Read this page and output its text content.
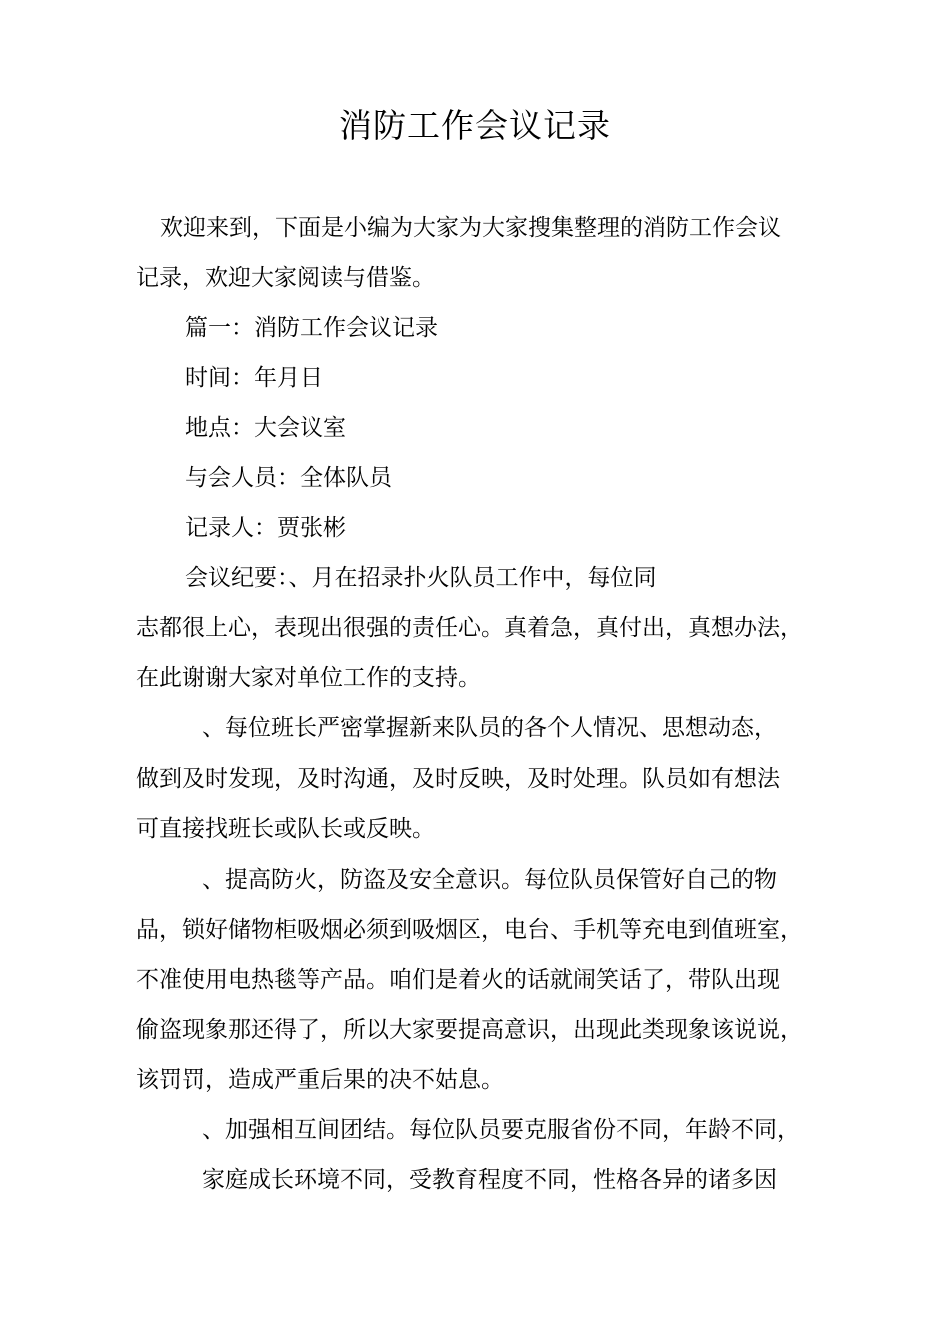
消防工作会议记录
欢迎来到，下面是小编为大家为大家搜集整理的消防工作会议
记录，欢迎大家阅读与借鉴。
篇一：消防工作会议记录
时间：年月日
地点：大会议室
与会人员：全体队员
记录人：贾张彬
会议纪要：、月在招录扑火队员工作中，每位同
志都很上心，表现出很强的责任心。真着急，真付出，真想办法，
在此谢谢大家对单位工作的支持。
、每位班长严密掌握新来队员的各个人情况、思想动态，
做到及时发现，及时沟通，及时反映，及时处理。队员如有想法
可直接找班长或队长或反映。
、提高防火，防盗及安全意识。每位队员保管好自己的物
品，锁好储物柜吸烟必须到吸烟区，电台、手机等充电到值班室，
不准使用电热毯等产品。咱们是着火的话就闹笑话了，带队出现
偷盗现象那还得了，所以大家要提高意识，出现此类现象该说说，
该罚罚，造成严重后果的决不姑息。
、加强相互间团结。每位队员要克服省份不同，年龄不同，
家庭成长环境不同，受教育程度不同，性格各异的诸多因
